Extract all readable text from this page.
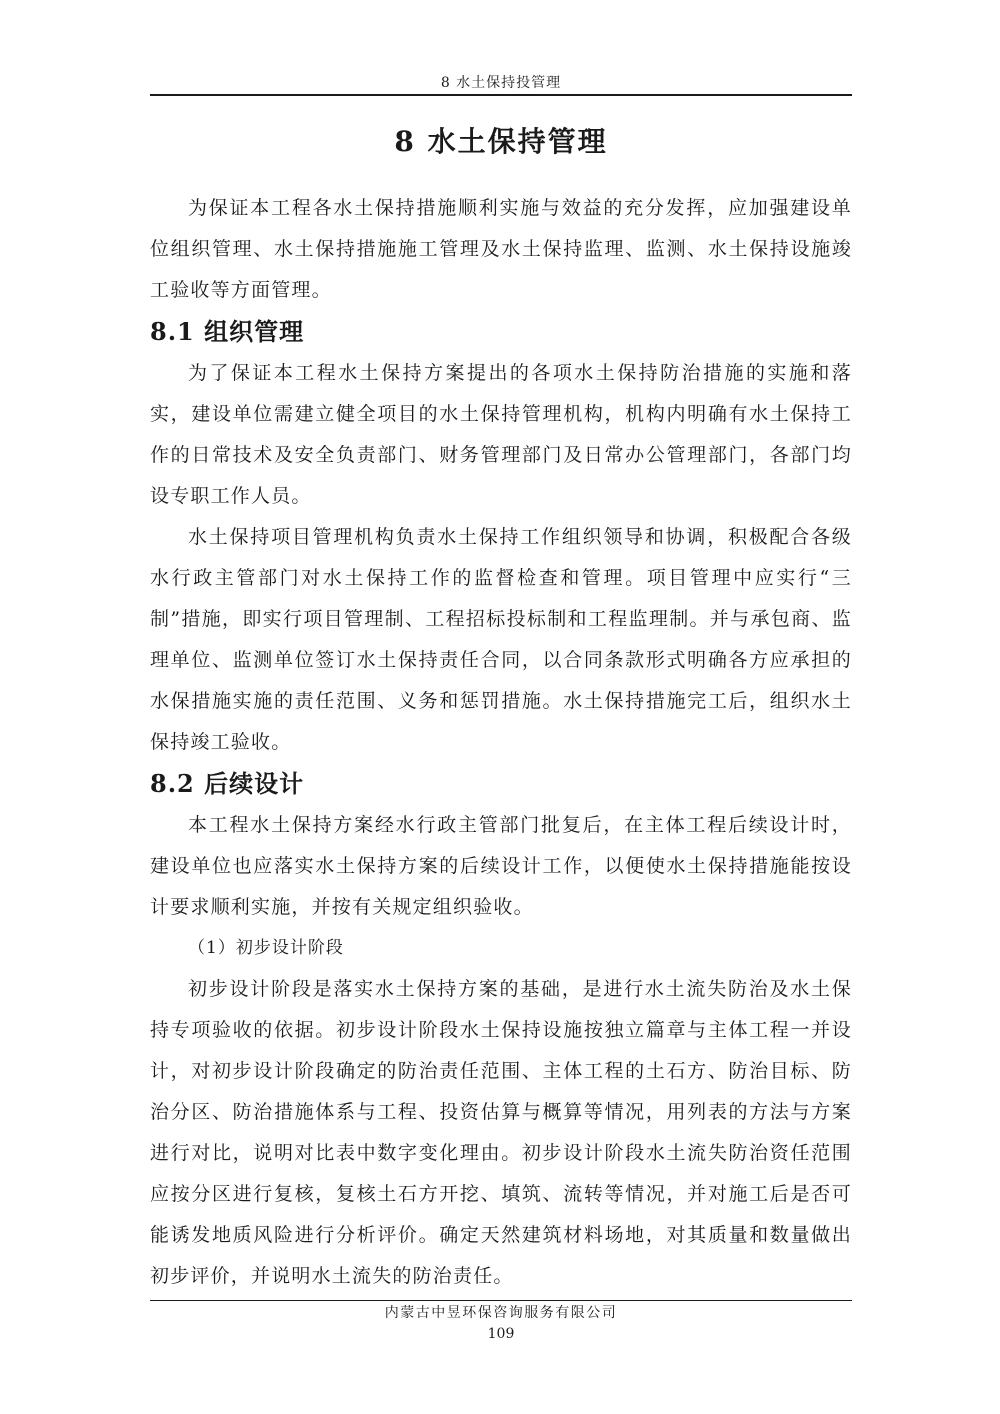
8 水土保持投管理
8 水土保持管理

为保证本工程各水土保持措施顺利实施与效益的充分发挥，应加强建设单位组织管理、水土保持措施施工管理及水土保持监理、监测、水土保持设施竣工验收等方面管理。

8.1 组织管理

为了保证本工程水土保持方案提出的各项水土保持防治措施的实施和落实，建设单位需建立健全项目的水土保持管理机构，机构内明确有水土保持工作的日常技术及安全负责部门、财务管理部门及日常办公管理部门，各部门均设专职工作人员。

水土保持项目管理机构负责水土保持工作组织领导和协调，积极配合各级水行政主管部门对水土保持工作的监督检查和管理。项目管理中应实行“三制”措施，即实行项目管理制、工程招标投标制和工程监理制。并与承包商、监理单位、监测单位签订水土保持责任合同，以合同条款形式明确各方应承担的水保措施实施的责任范围、义务和惩罚措施。水土保持措施完工后，组织水土保持竣工验收。

8.2 后续设计

本工程水土保持方案经水行政主管部门批复后，在主体工程后续设计时，建设单位也应落实水土保持方案的后续设计工作，以便使水土保持措施能按设计要求顺利实施，并按有关规定组织验收。

（1）初步设计阶段

初步设计阶段是落实水土保持方案的基础，是进行水土流失防治及水土保持专项验收的依据。初步设计阶段水土保持设施按独立篇章与主体工程一并设计，对初步设计阶段确定的防治责任范围、主体工程的土石方、防治目标、防治分区、防治措施体系与工程、投资估算与概算等情况，用列表的方法与方案进行对比，说明对比表中数字变化理由。初步设计阶段水土流失防治资任范围应按分区进行复核，复核土石方开挖、填筑、流转等情况，并对施工后是否可能诱发地质风险进行分析评价。确定天然建筑材料场地，对其质量和数量做出初步评价，并说明水土流失的防治责任。

内蒙古中昱环保咨询服务有限公司
109
